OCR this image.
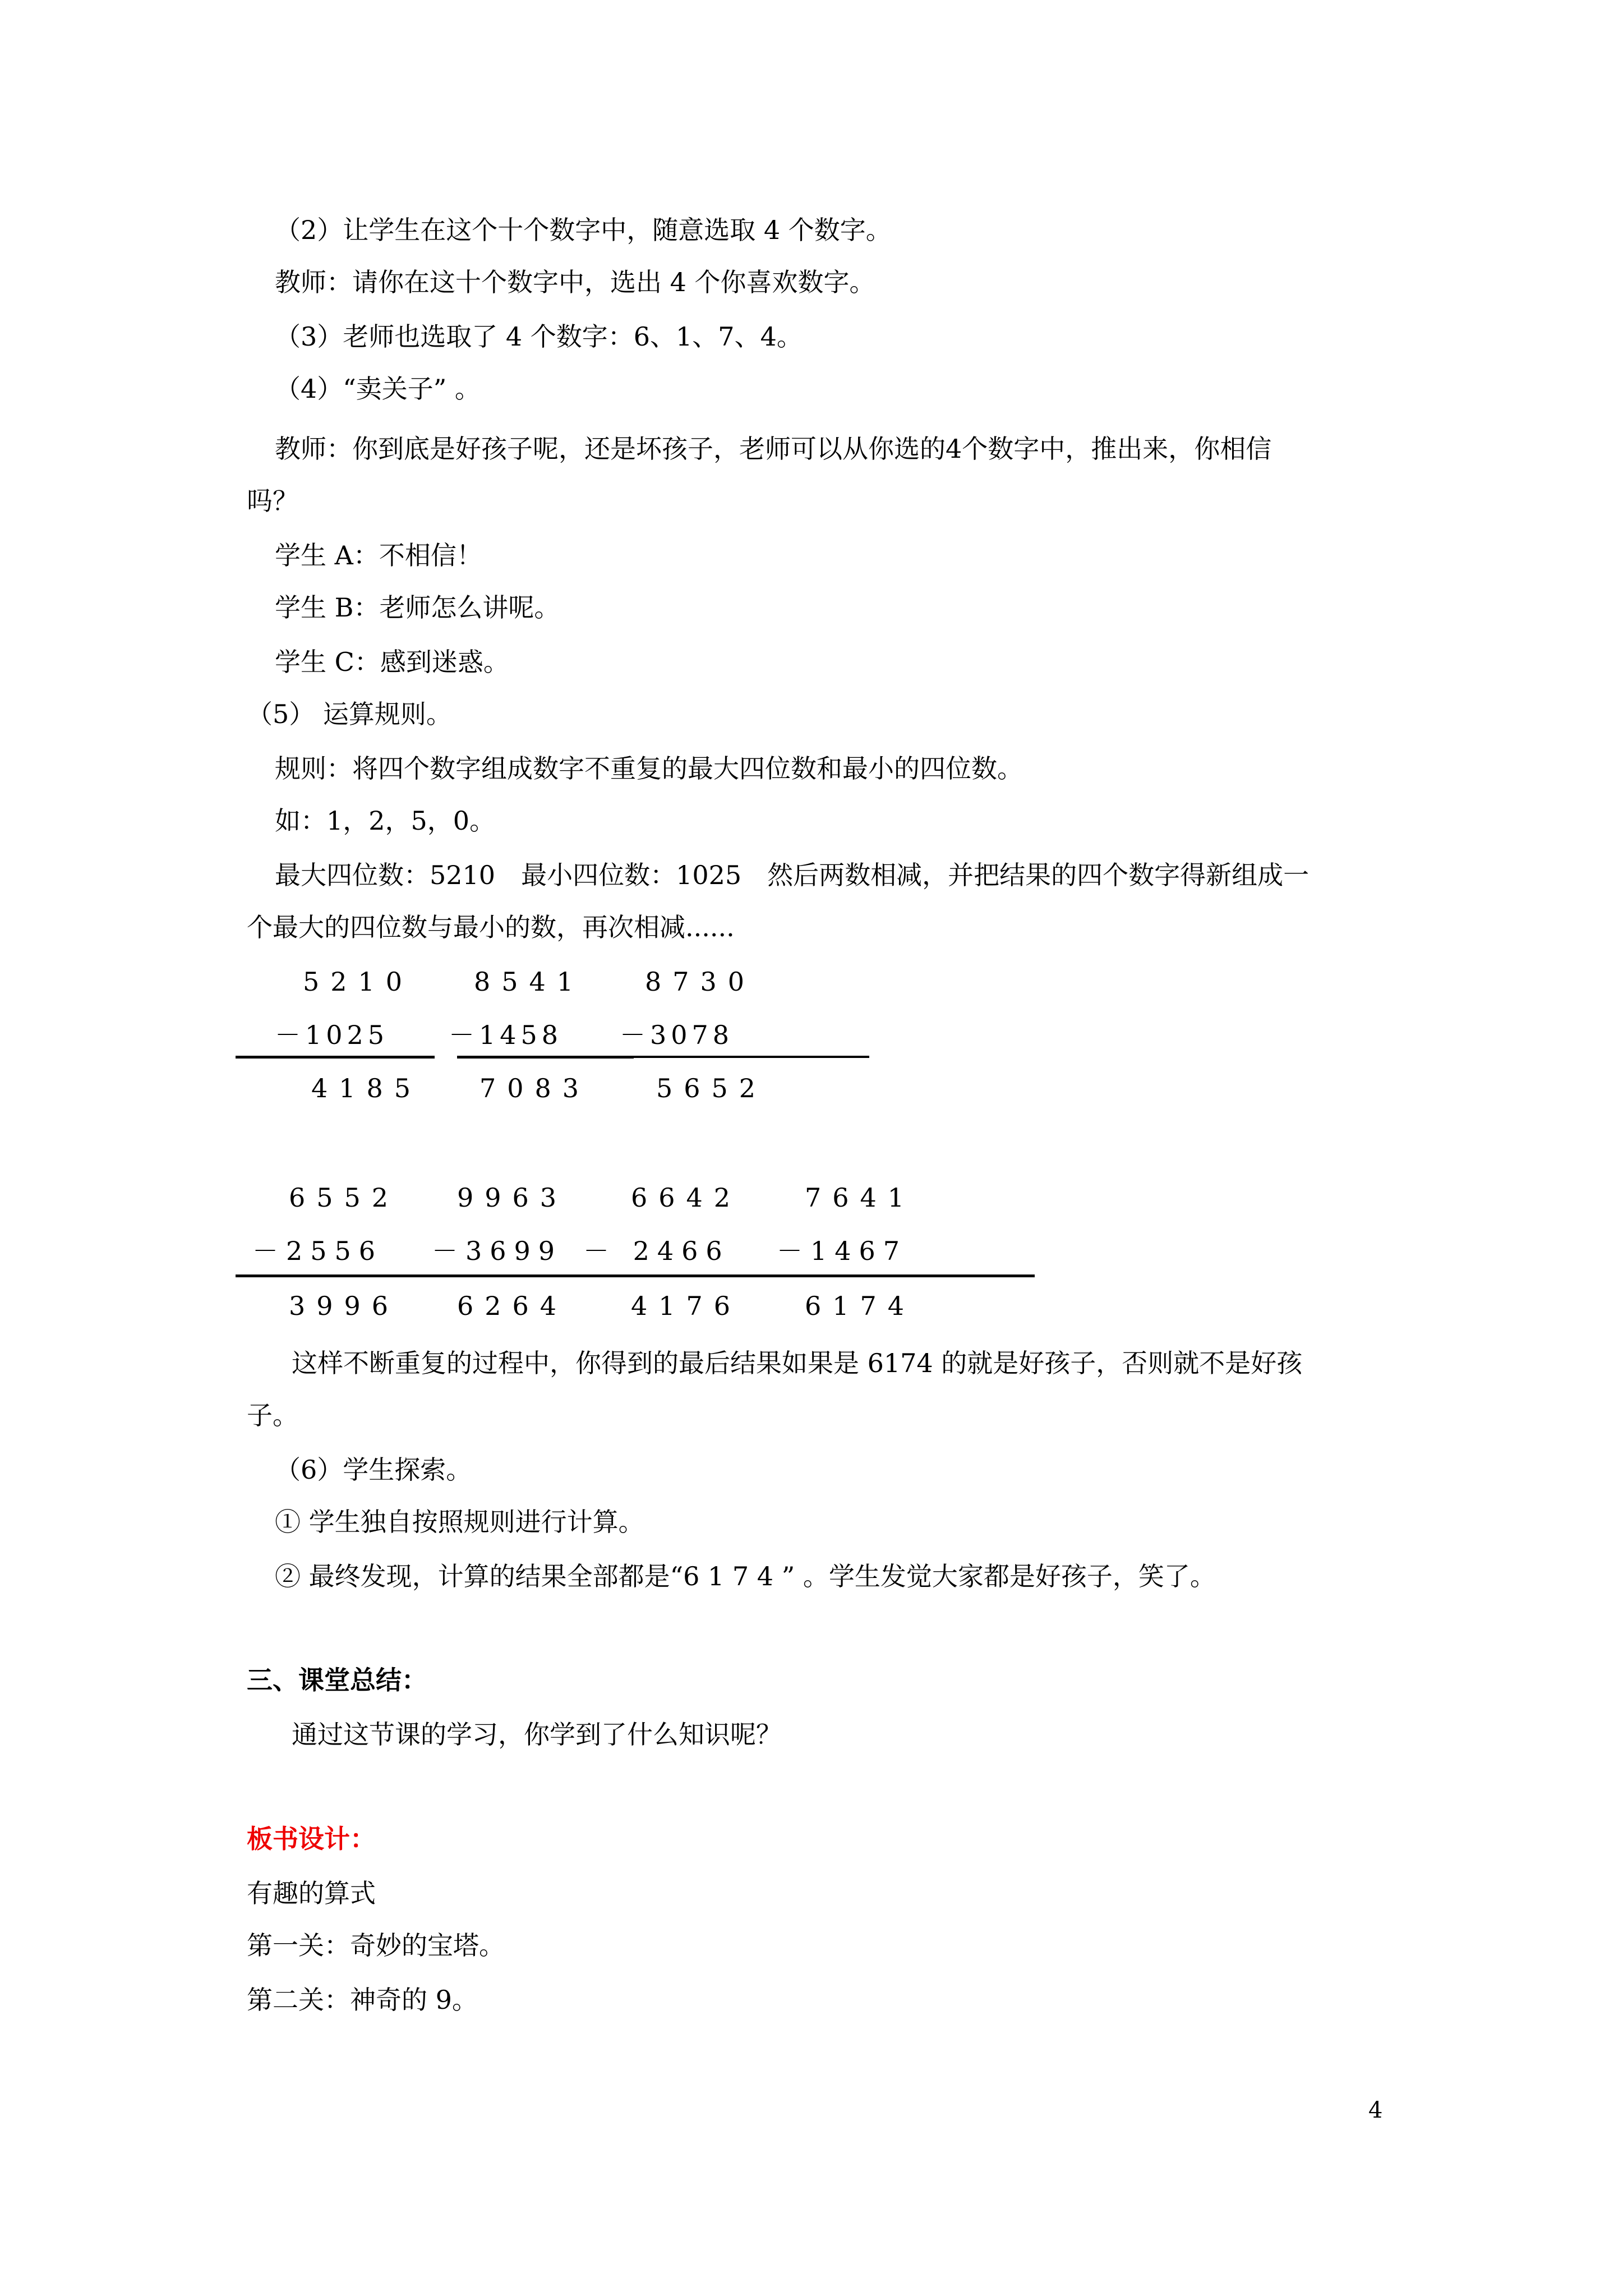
（2）让学生在这个十个数字中，随意选取 4 个数字。
教师：请你在这十个数字中，选出 4 个你喜欢数字。
（3）老师也选取了 4 个数字：6、1、7、4。
（4）“卖关子” 。
教师：你到底是好孩子呢，还是坏孩子，老师可以从你选的4个数字中，推出来，你相信
吗？
学生 A：不相信！
学生 B：老师怎么讲呢。
学生 C：感到迷惑。
（5） 运算规则。
规则：将四个数字组成数字不重复的最大四位数和最小的四位数。
如：1，2，5，0。
最大四位数：5210　最小四位数：1025　然后两数相减，并把结果的四个数字得新组成一
个最大的四位数与最小的数，再次相减......
5210 8541 8730
－1025 －1458 －3078
4185 7083	5652
6552 9963 6642 7641
－2556 －3699 － 2466 －1467
3996 6264 4176 6174
这样不断重复的过程中，你得到的最后结果如果是 6174 的就是好孩子，否则就不是好孩
子。
（6）学生探索。
① 学生独自按照规则进行计算。
② 最终发现，计算的结果全部都是“6 1 7 4 ” 。学生发觉大家都是好孩子，笑了。
三、课堂总结：
通过这节课的学习，你学到了什么知识呢？
板书设计：
有趣的算式
第一关：奇妙的宝塔。
第二关：神奇的 9。
4
